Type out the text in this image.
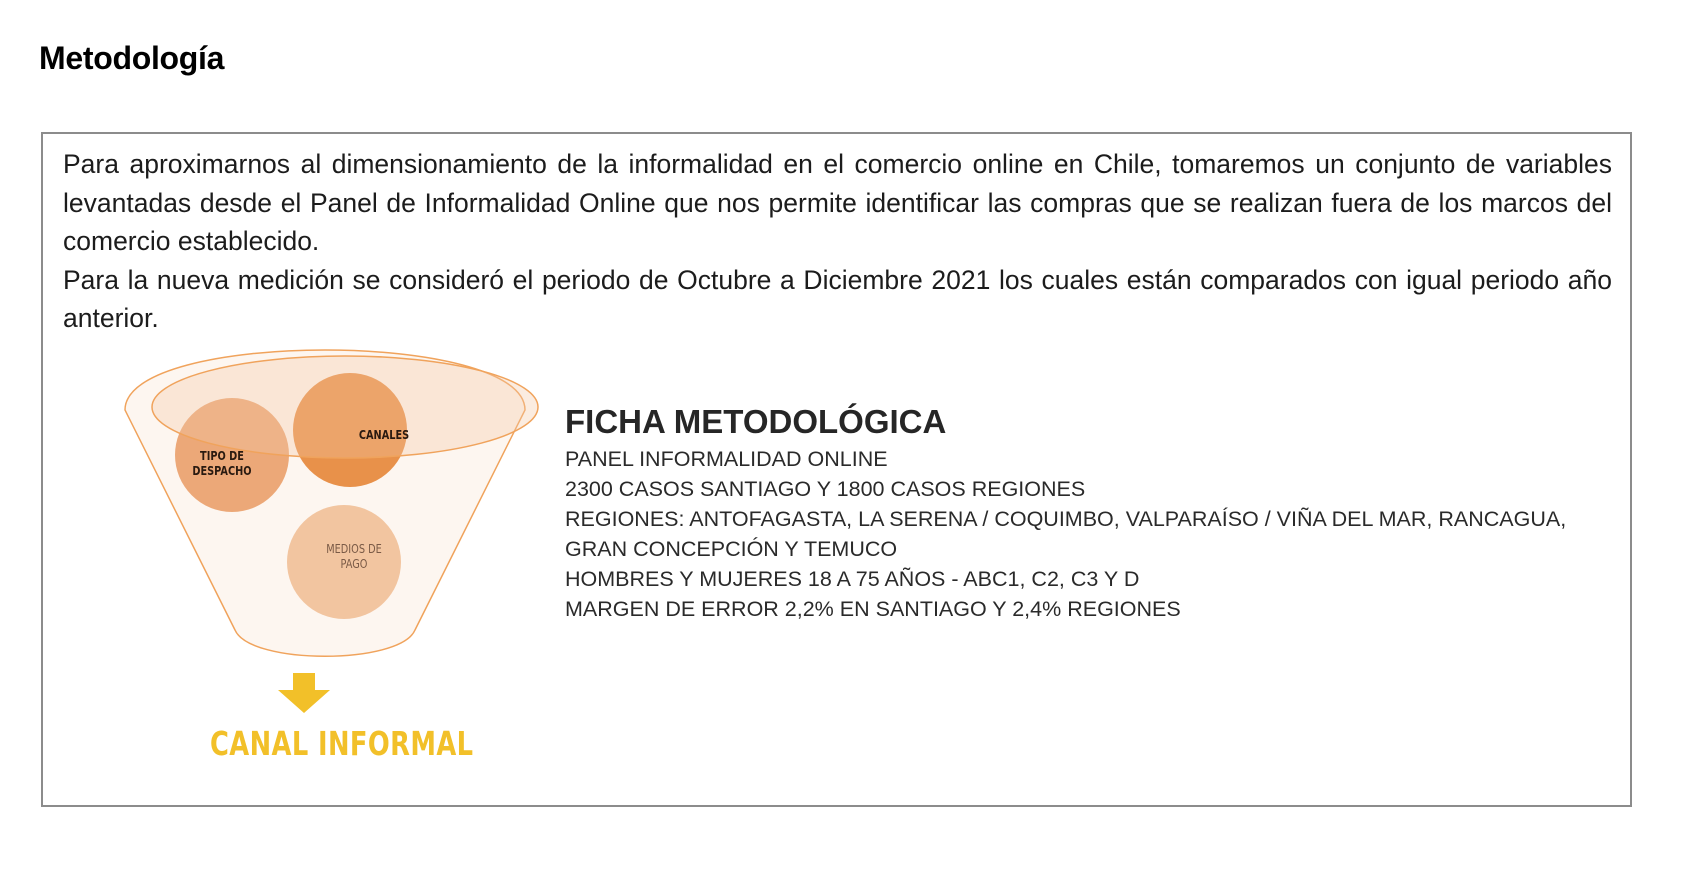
Metodología

Para aproximarnos al dimensionamiento de la informalidad en el comercio online en Chile, tomaremos un conjunto de variables levantadas desde el Panel de Informalidad Online que nos permite identificar las compras que se realizan fuera de los marcos del comercio establecido.

Para la nueva medición se consideró el periodo de Octubre a Diciembre 2021 los cuales están comparados con igual periodo año anterior.

CANALES
TIPO DE
DESPACHO
MEDIOS DE
PAGO
CANAL INFORMAL
FICHA METODOLÓGICA
PANEL INFORMALIDAD ONLINE
2300 CASOS SANTIAGO Y 1800 CASOS REGIONES
REGIONES: ANTOFAGASTA, LA SERENA / COQUIMBO, VALPARAÍSO / VIÑA DEL MAR, RANCAGUA,
GRAN CONCEPCIÓN Y TEMUCO
HOMBRES Y MUJERES 18 A 75 AÑOS - ABC1, C2, C3 Y D
MARGEN DE ERROR 2,2% EN SANTIAGO Y 2,4% REGIONES
